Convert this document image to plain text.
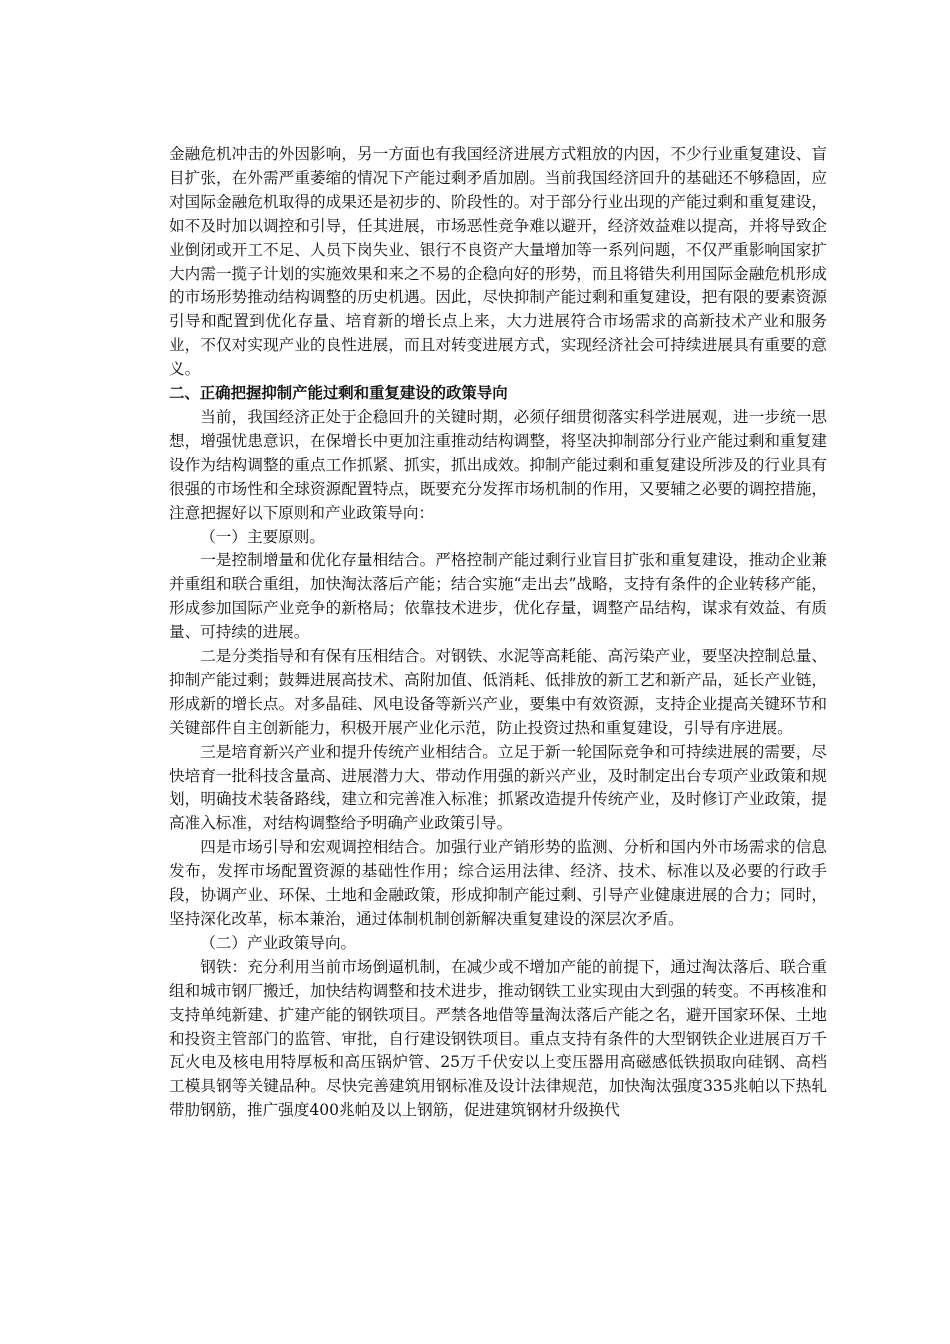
金融危机冲击的外因影响，另一方面也有我国经济进展方式粗放的内因，不少行业重复建设、盲目扩张，在外需严重萎缩的情况下产能过剩矛盾加剧。当前我国经济回升的基础还不够稳固，应对国际金融危机取得的成果还是初步的、阶段性的。对于部分行业出现的产能过剩和重复建设，如不及时加以调控和引导，任其进展，市场恶性竞争难以避开，经济效益难以提高，并将导致企业倒闭或开工不足、人员下岗失业、银行不良资产大量增加等一系列问题，不仅严重影响国家扩大内需一揽子计划的实施效果和来之不易的企稳向好的形势，而且将错失利用国际金融危机形成的市场形势推动结构调整的历史机遇。因此，尽快抑制产能过剩和重复建设，把有限的要素资源引导和配置到优化存量、培育新的增长点上来，大力进展符合市场需求的高新技术产业和服务业，不仅对实现产业的良性进展，而且对转变进展方式，实现经济社会可持续进展具有重要的意义。

二、正确把握抑制产能过剩和重复建设的政策导向

当前，我国经济正处于企稳回升的关键时期，必须仔细贯彻落实科学进展观，进一步统一思想，增强忧患意识，在保增长中更加注重推动结构调整，将坚决抑制部分行业产能过剩和重复建设作为结构调整的重点工作抓紧、抓实，抓出成效。抑制产能过剩和重复建设所涉及的行业具有很强的市场性和全球资源配置特点，既要充分发挥市场机制的作用，又要辅之必要的调控措施，注意把握好以下原则和产业政策导向：

（一）主要原则。

一是控制增量和优化存量相结合。严格控制产能过剩行业盲目扩张和重复建设，推动企业兼并重组和联合重组，加快淘汰落后产能；结合实施“走出去”战略，支持有条件的企业转移产能，形成参加国际产业竞争的新格局；依靠技术进步，优化存量，调整产品结构，谋求有效益、有质量、可持续的进展。

二是分类指导和有保有压相结合。对钢铁、水泥等高耗能、高污染产业，要坚决控制总量、抑制产能过剩；鼓舞进展高技术、高附加值、低消耗、低排放的新工艺和新产品，延长产业链，形成新的增长点。对多晶硅、风电设备等新兴产业，要集中有效资源，支持企业提高关键环节和关键部件自主创新能力，积极开展产业化示范，防止投资过热和重复建设，引导有序进展。

三是培育新兴产业和提升传统产业相结合。立足于新一轮国际竞争和可持续进展的需要，尽快培育一批科技含量高、进展潜力大、带动作用强的新兴产业，及时制定出台专项产业政策和规划，明确技术装备路线，建立和完善准入标准；抓紧改造提升传统产业，及时修订产业政策，提高准入标准，对结构调整给予明确产业政策引导。

四是市场引导和宏观调控相结合。加强行业产销形势的监测、分析和国内外市场需求的信息发布，发挥市场配置资源的基础性作用；综合运用法律、经济、技术、标准以及必要的行政手段，协调产业、环保、土地和金融政策，形成抑制产能过剩、引导产业健康进展的合力；同时，坚持深化改革，标本兼治，通过体制机制创新解决重复建设的深层次矛盾。

（二）产业政策导向。

钢铁：充分利用当前市场倒逼机制，在减少或不增加产能的前提下，通过淘汰落后、联合重组和城市钢厂搬迁，加快结构调整和技术进步，推动钢铁工业实现由大到强的转变。不再核准和支持单纯新建、扩建产能的钢铁项目。严禁各地借等量淘汰落后产能之名，避开国家环保、土地和投资主管部门的监管、审批，自行建设钢铁项目。重点支持有条件的大型钢铁企业进展百万千瓦火电及核电用特厚板和高压锅炉管、25万千伏安以上变压器用高磁感低铁损取向硅钢、高档工模具钢等关键品种。尽快完善建筑用钢标准及设计法律规范，加快淘汰强度335兆帕以下热轧带肋钢筋，推广强度400兆帕及以上钢筋，促进建筑钢材升级换代
